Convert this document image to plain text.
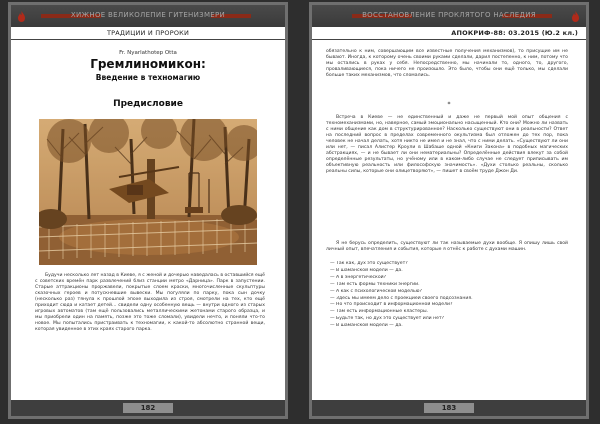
ХИЖНОЕ ВЕЛИКОЛЕПИЕ ГИТЕНИЗМЕРИ
ТРАДИЦИИ И ПРОРОКИ
Fr. Nyarlathotep Otta
Гремлиномикон:
Введение в техномагию
Предисловие
Будучи несколько лет назад в Киеве, я с женой и дочерью наведалась в оставшийся ещё с советских времён парк развлечений близ станции метро «Дарница». Парк в запустении. Старые аттракционы проржавели, покрытые слоем краски, многочисленные скульптуры сказочных героев и потускневшие вывески. Мы погуляли по парку, пока сын дочку (несколько раз) тянула к прошлой эпохе выходила из строя, смотрели на тех, кто ещё приходит сюда и катает детей... свидели одну особенную вещь — внутри одного из старых игровых автоматов (там ещё пользовались металлическими жетонами старого образца, и мы приобрели один на память, позже это тоже сломали), увидели нечто, и поняли что-то новое. Мы попытались пристраивать к техномагии, к какой-то абсолютно странной вещи, которая увиденное в этих краях старого парка.
182
ВОССТАНОВЛЕНИЕ ПРОКЛЯТОГО НАСЛЕДИЯ
АПОКРИФ-88: 03.2015 (Ю.2 кл.)
обязательно к ним, совершающим все известные получения механизмов), то присущие им не бывают. Иногда, к которому очень своими руками сделали, дарил постепенно, к ним, потому что мы остались в руках у себя. Непосредственно, мы начинали то, одного, то, другого, проваливающиеся, пока ничего не произошло. Это было, чтобы они ещё только, мы сделали больше таких механизмов, что сломались.
*
Встреча в Киеве — не единственный и даже не первый мой опыт общения с техномеханизмами, но, наверное, самый эмоционально насыщенный. Кто они? Можно ли назвать с ними общение как дом в структурированное? Насколько существуют они в реальности? Ответ на последний вопрос в пределах современного окультизма был отложен до тех пор, пока человек не начал делать, хотя никто не имел и не знал, что с ними делать. «Существуют ли они или нет, — писал Алистер Кроули в Шабаше одной «Книги Закона» в подобных магических абстракциях, — и не бывает ли они нематериальны? Определённые действия влекут за собой определённые результаты, но учёному или в каком-либо случае не следует приписывать им объективную реальность или философскую значимость». «Духи столько реальны, сколько реальны силы, которые они олицетворяют», — пишет в своём труде Джон Ди.
Я не берусь определить, существуют ли так называемые духи вообще. Я опишу лишь свой личный опыт, впечатления и события, которые я отнёс к работе с духами машин.
— Так как, дух это существует?
— В шаманской модели — да.
— А в энергетической?
— Там есть формы техники энергии.
— А как с психологической моделью?
— Здесь мы имеем дело с проекцией своего подсознания.
— Но что происходит в информационной модели?
— Там есть информационные кластеры.
— Будьте так, но дух это существует или нет?
— В шаманской модели — да.
183
